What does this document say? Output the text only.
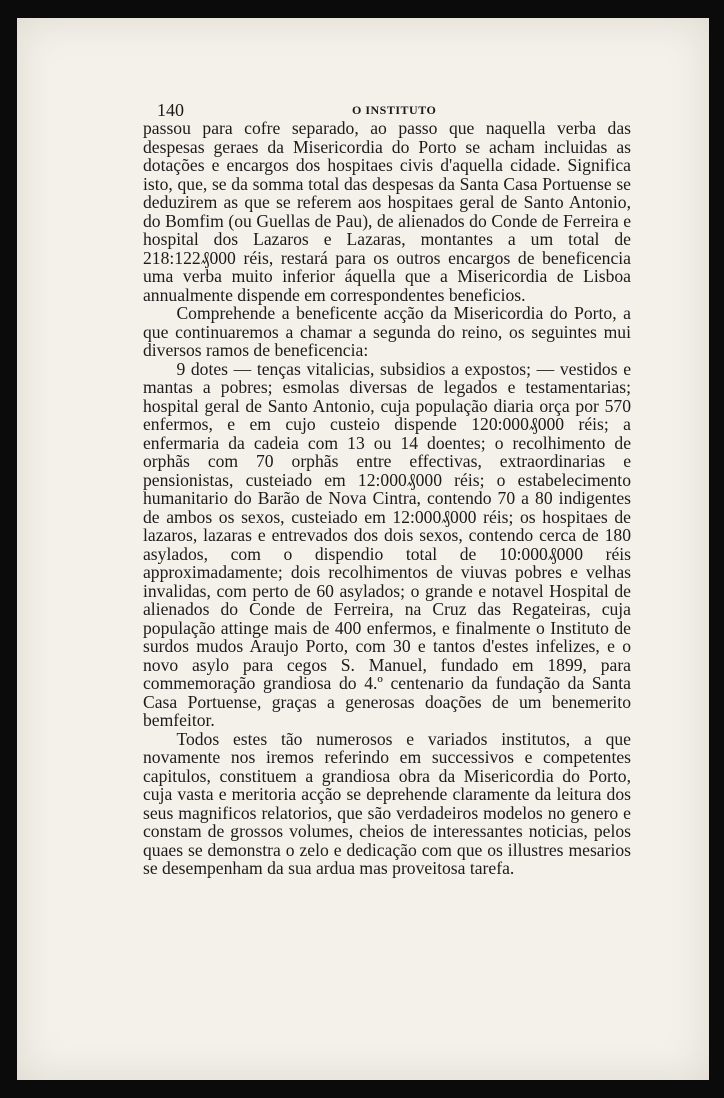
140	O INSTITUTO

passou para cofre separado, ao passo que naquella verba das despesas geraes da Misericordia do Porto se acham incluidas as dotações e encargos dos hospitaes civis d'aquella cidade. Significa isto, que, se da somma total das despesas da Santa Casa Portuense se deduzirem as que se referem aos hospitaes geral de Santo Antonio, do Bomfim (ou Guellas de Pau), de alienados do Conde de Ferreira e hospital dos Lazaros e Lazaras, montantes a um total de 218:122₰000 réis, restará para os outros encargos de beneficencia uma verba muito inferior áquella que a Misericordia de Lisboa annualmente dispende em correspondentes beneficios.

Comprehende a beneficente acção da Misericordia do Porto, a que continuaremos a chamar a segunda do reino, os seguintes mui diversos ramos de beneficencia:

9 dotes — tenças vitalicias, subsidios a expostos; — vestidos e mantas a pobres; esmolas diversas de legados e testamentarias; hospital geral de Santo Antonio, cuja população diaria orça por 570 enfermos, e em cujo custeio dispende 120:000₰000 réis; a enfermaria da cadeia com 13 ou 14 doentes; o recolhimento de orphãs com 70 orphãs entre effectivas, extraordinarias e pensionistas, custeiado em 12:000₰000 réis; o estabelecimento humanitario do Barão de Nova Cintra, contendo 70 a 80 indigentes de ambos os sexos, custeiado em 12:000₰000 réis; os hospitaes de lazaros, lazaras e entrevados dos dois sexos, contendo cerca de 180 asylados, com o dispendio total de 10:000₰000 réis approximadamente; dois recolhimentos de viuvas pobres e velhas invalidas, com perto de 60 asylados; o grande e notavel Hospital de alienados do Conde de Ferreira, na Cruz das Regateiras, cuja população attinge mais de 400 enfermos, e finalmente o Instituto de surdos mudos Araujo Porto, com 30 e tantos d'estes infelizes, e o novo asylo para cegos S. Manuel, fundado em 1899, para commemoração grandiosa do 4.º centenario da fundação da Santa Casa Portuense, graças a generosas doações de um benemerito bemfeitor.

Todos estes tão numerosos e variados institutos, a que novamente nos iremos referindo em successivos e competentes capitulos, constituem a grandiosa obra da Misericordia do Porto, cuja vasta e meritoria acção se deprehende claramente da leitura dos seus magnificos relatorios, que são verdadeiros modelos no genero e constam de grossos volumes, cheios de interessantes noticias, pelos quaes se demonstra o zelo e dedicação com que os illustres mesarios se desempenham da sua ardua mas proveitosa tarefa.
